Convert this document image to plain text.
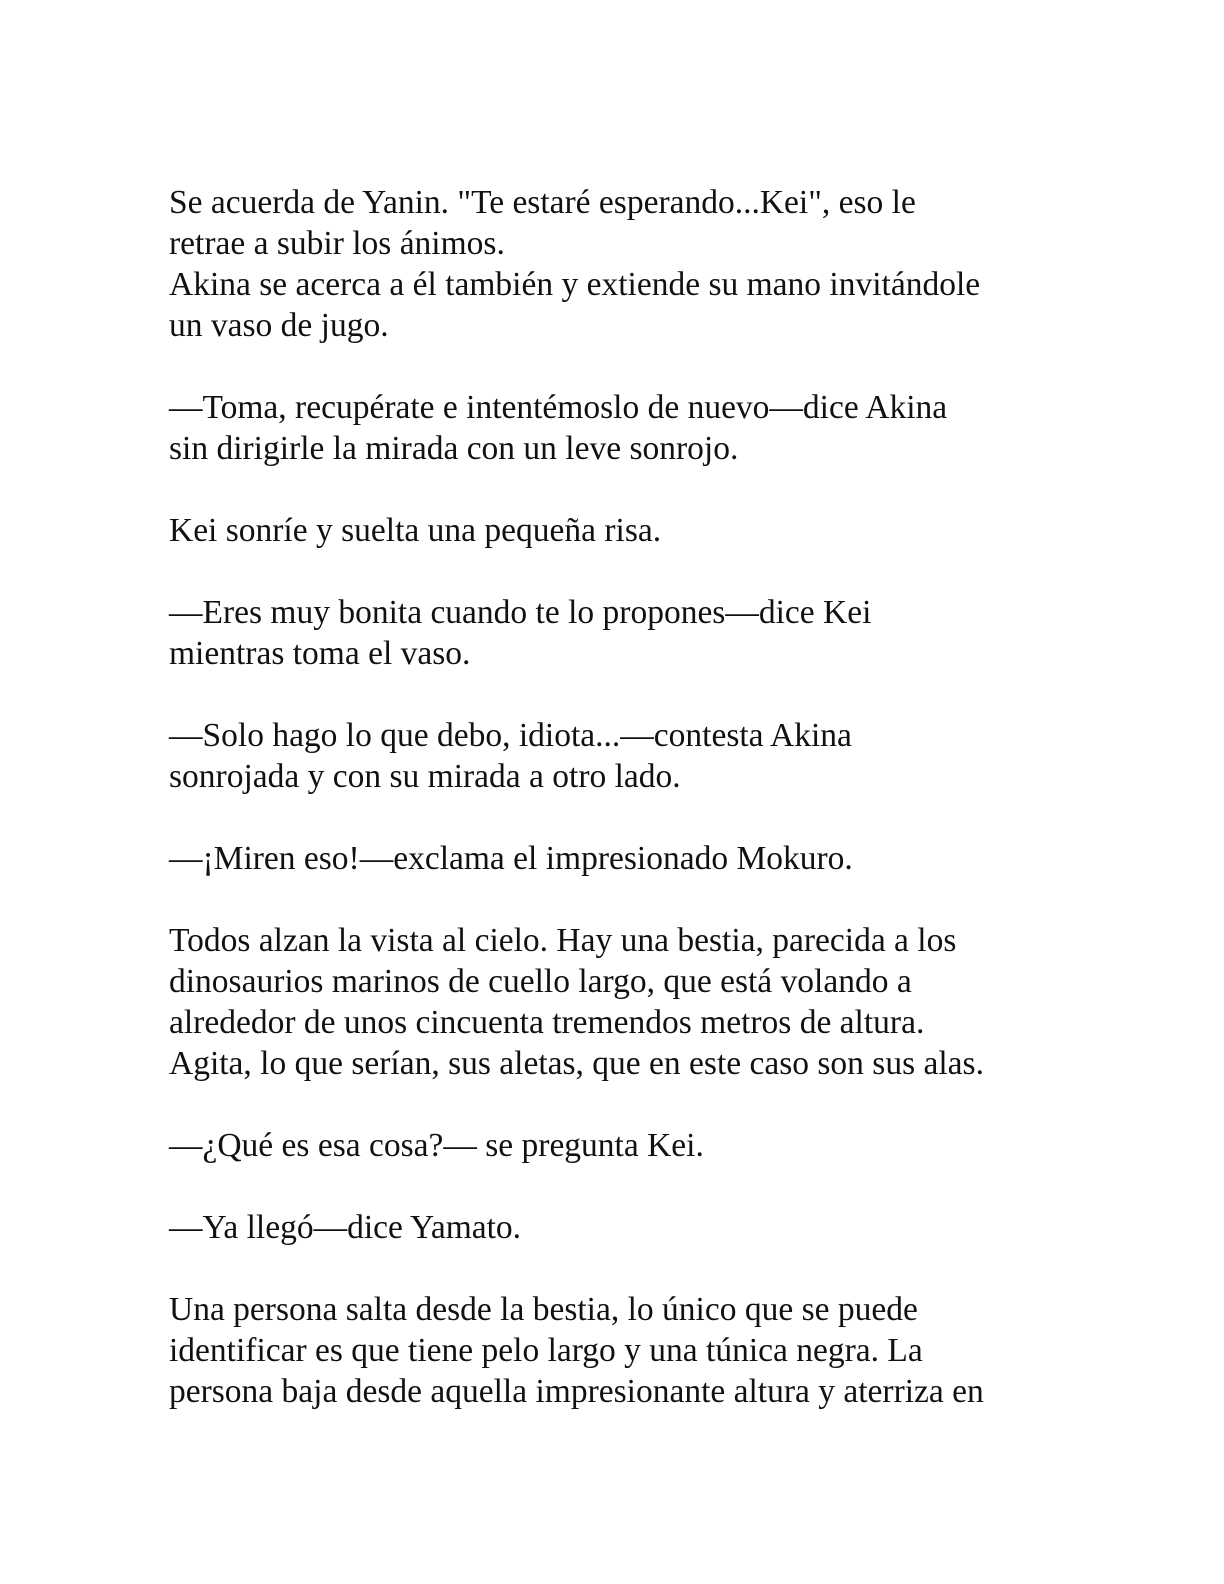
Se acuerda de Yanin. "Te estaré esperando...Kei", eso le
retrae a subir los ánimos.

Akina se acerca a él también y extiende su mano invitándole
un vaso de jugo.

—Toma, recupérate e intentémoslo de nuevo—dice Akina
sin dirigirle la mirada con un leve sonrojo.

Kei sonríe y suelta una pequeña risa.

—Eres muy bonita cuando te lo propones—dice Kei
mientras toma el vaso.

—Solo hago lo que debo, idiota...—contesta Akina
sonrojada y con su mirada a otro lado.

—¡Miren eso!—exclama el impresionado Mokuro.

Todos alzan la vista al cielo. Hay una bestia, parecida a los
dinosaurios marinos de cuello largo, que está volando a
alrededor de unos cincuenta tremendos metros de altura.
Agita, lo que serían, sus aletas, que en este caso son sus alas.

—¿Qué es esa cosa?— se pregunta Kei.

—Ya llegó—dice Yamato.

Una persona salta desde la bestia, lo único que se puede
identificar es que tiene pelo largo y una túnica negra. La
persona baja desde aquella impresionante altura y aterriza en
